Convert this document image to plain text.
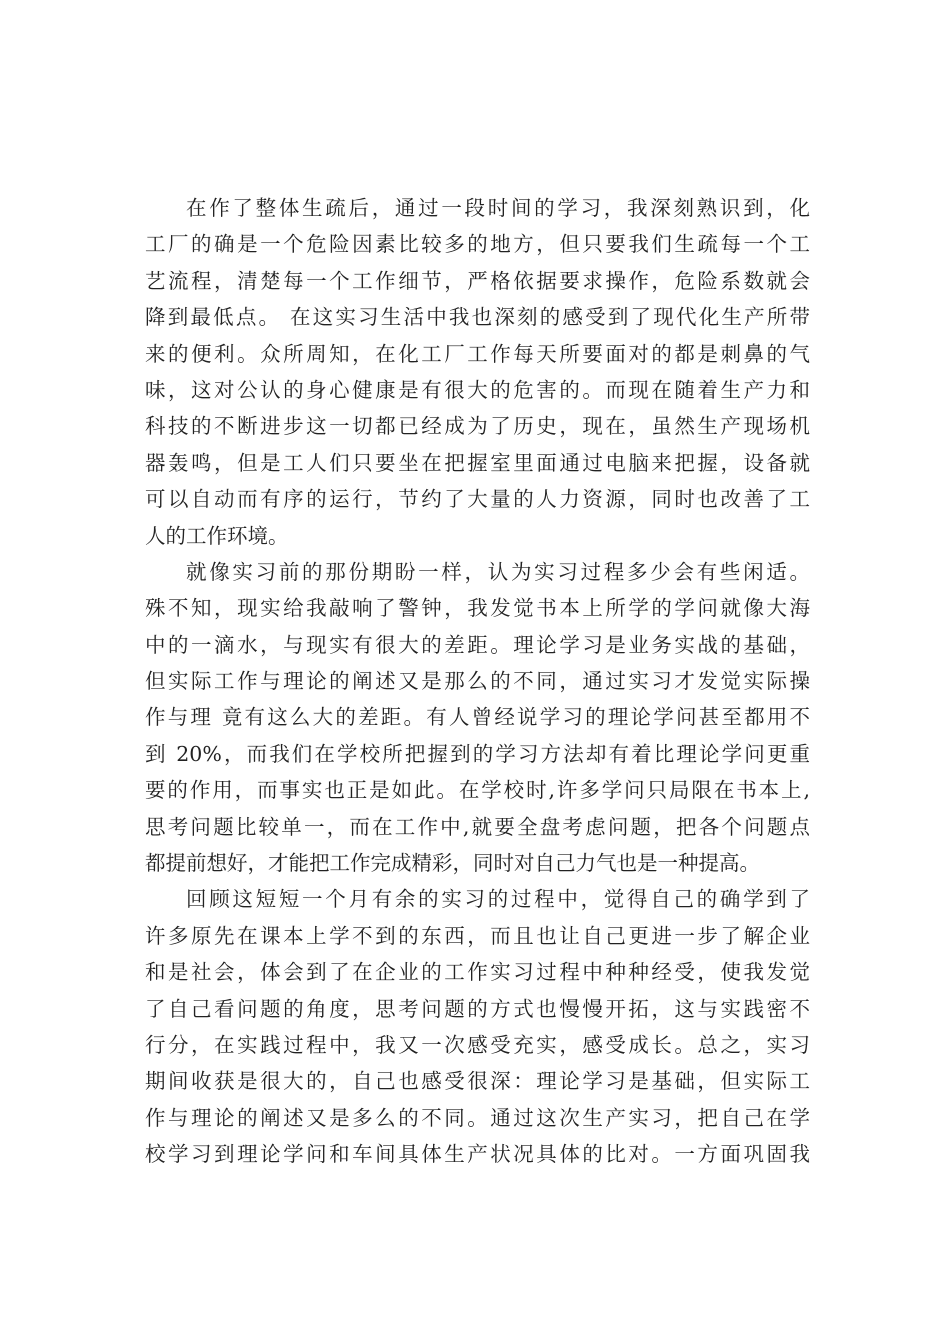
在作了整体生疏后，通过一段时间的学习，我深刻熟识到，化
工厂的确是一个危险因素比较多的地方，但只要我们生疏每一个工
艺流程，清楚每一个工作细节，严格依据要求操作，危险系数就会
降到最低点。 在这实习生活中我也深刻的感受到了现代化生产所带
来的便利。众所周知，在化工厂工作每天所要面对的都是刺鼻的气
味，这对公认的身心健康是有很大的危害的。而现在随着生产力和
科技的不断进步这一切都已经成为了历史，现在，虽然生产现场机
器轰鸣，但是工人们只要坐在把握室里面通过电脑来把握，设备就
可以自动而有序的运行，节约了大量的人力资源，同时也改善了工
人的工作环境。
就像实习前的那份期盼一样，认为实习过程多少会有些闲适。
殊不知，现实给我敲响了警钟，我发觉书本上所学的学问就像大海
中的一滴水，与现实有很大的差距。理论学习是业务实战的基础，
但实际工作与理论的阐述又是那么的不同，通过实习才发觉实际操
作与理 竟有这么大的差距。有人曾经说学习的理论学问甚至都用不
到 20%，而我们在学校所把握到的学习方法却有着比理论学问更重
要的作用，而事实也正是如此。在学校时,许多学问只局限在书本上,
思考问题比较单一，而在工作中,就要全盘考虑问题，把各个问题点
都提前想好，才能把工作完成精彩，同时对自己力气也是一种提高。
回顾这短短一个月有余的实习的过程中，觉得自己的确学到了
许多原先在课本上学不到的东西，而且也让自己更进一步了解企业
和是社会，体会到了在企业的工作实习过程中种种经受，使我发觉
了自己看问题的角度，思考问题的方式也慢慢开拓，这与实践密不
行分，在实践过程中，我又一次感受充实，感受成长。总之，实习
期间收获是很大的，自己也感受很深：理论学习是基础，但实际工
作与理论的阐述又是多么的不同。通过这次生产实习，把自己在学
校学习到理论学问和车间具体生产状况具体的比对。一方面巩固我
